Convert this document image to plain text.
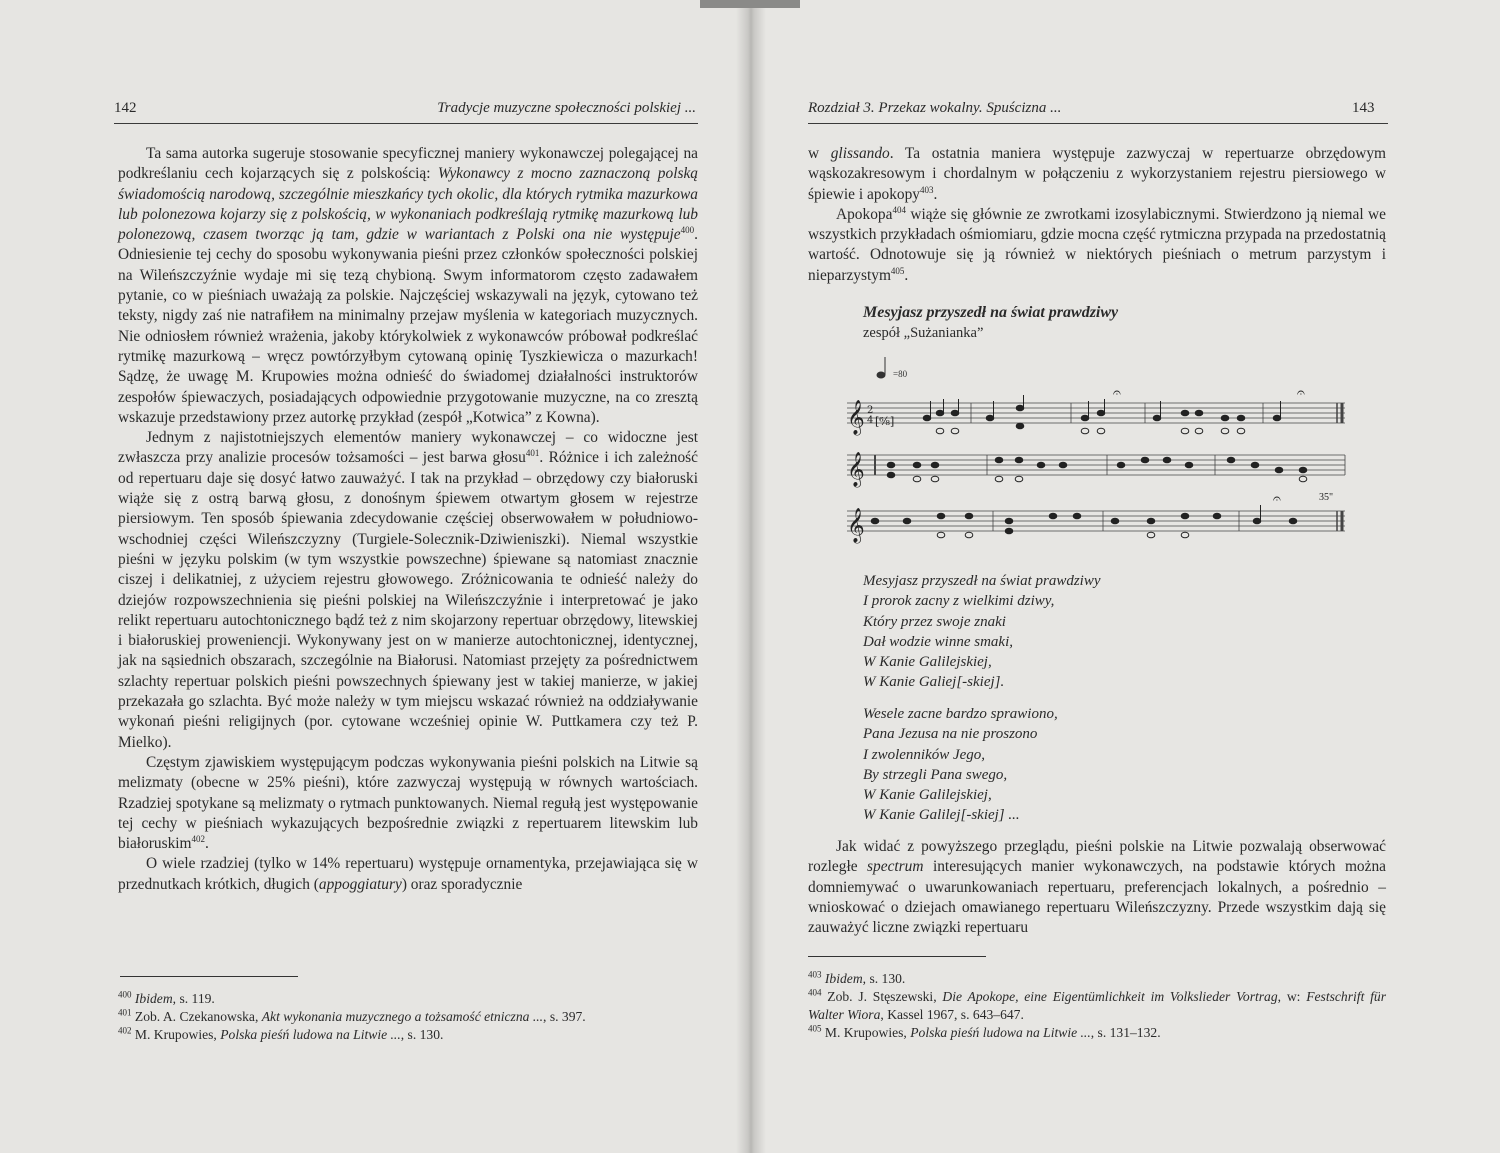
142	Tradycje muzyczne społeczności polskiej ...

Ta sama autorka sugeruje stosowanie specyficznej maniery wykonawczej polegającej na podkreślaniu cech kojarzących się z polskością: Wykonawcy z mocno zaznaczoną polską świadomością narodową, szczególnie mieszkańcy tych okolic, dla których rytmika mazurkowa lub polonezowa kojarzy się z polskością, w wykonaniach podkreślają rytmikę mazurkową lub polonezową, czasem tworząc ją tam, gdzie w wariantach z Polski ona nie występuje$^{400}$. Odniesienie tej cechy do sposobu wykonywania pieśni przez członków społeczności polskiej na Wileńszczyźnie wydaje mi się tezą chybioną. Swym informatorom często zadawałem pytanie, co w pieśniach uważają za polskie. Najczęściej wskazywali na język, cytowano też teksty, nigdy zaś nie natrafiłem na minimalny przejaw myślenia w kategoriach muzycznych. Nie odniosłem również wrażenia, jakoby którykolwiek z wykonawców próbował podkreślać rytmikę mazurkową – wręcz powtórzyłbym cytowaną opinię Tyszkiewicza o mazurkach! Sądzę, że uwagę M. Krupowies można odnieść do świadomej działalności instruktorów zespołów śpiewaczych, posiadających odpowiednie przygotowanie muzyczne, na co zresztą wskazuje przedstawiony przez autorkę przykład (zespół „Kotwica” z Kowna).

Jednym z najistotniejszych elementów maniery wykonawczej – co widoczne jest zwłaszcza przy analizie procesów tożsamości – jest barwa głosu$^{401}$. Różnice i ich zależność od repertuaru daje się dosyć łatwo zauważyć. I tak na przykład – obrzędowy czy białoruski wiąże się z ostrą barwą głosu, z donośnym śpiewem otwartym głosem w rejestrze piersiowym. Ten sposób śpiewania zdecydowanie częściej obserwowałem w południowo-wschodniej części Wileńszczyzny (Turgiele-Solecznik-Dziwieniszki). Niemal wszystkie pieśni w języku polskim (w tym wszystkie powszechne) śpiewane są natomiast znacznie ciszej i delikatniej, z użyciem rejestru głowowego. Zróżnicowania te odnieść należy do dziejów rozpowszechnienia się pieśni polskiej na Wileńszczyźnie i interpretować je jako relikt repertuaru autochtonicznego bądź też z nim skojarzony repertuar obrzędowy, litewskiej i białoruskiej proweniencji. Wykonywany jest on w manierze autochtonicznej, identycznej, jak na sąsiednich obszarach, szczególnie na Białorusi. Natomiast przejęty za pośrednictwem szlachty repertuar polskich pieśni powszechnych śpiewany jest w takiej manierze, w jakiej przekazała go szlachta. Być może należy w tym miejscu wskazać również na oddziaływanie wykonań pieśni religijnych (por. cytowane wcześniej opinie W. Puttkamera czy też P. Mielko).

Częstym zjawiskiem występującym podczas wykonywania pieśni polskich na Litwie są melizmaty (obecne w 25% pieśni), które zazwyczaj występują w równych wartościach. Rzadziej spotykane są melizmaty o rytmach punktowanych. Niemal regułą jest występowanie tej cechy w pieśniach wykazujących bezpośrednie związki z repertuarem litewskim lub białoruskim$^{402}$.

O wiele rzadziej (tylko w 14% repertuaru) występuje ornamentyka, przejawiająca się w przednutkach krótkich, długich (appoggiatury) oraz sporadycznie

$^{400}$ Ibidem, s. 119.
$^{401}$ Zob. A. Czekanowska, Akt wykonania muzycznego a tożsamość etniczna ..., s. 397.
$^{402}$ M. Krupowies, Polska pieśń ludowa na Litwie ..., s. 130.
Rozdział 3. Przekaz wokalny. Spuścizna ...	143

w glissando. Ta ostatnia maniera występuje zazwyczaj w repertuarze obrzędowym wąskozakresowym i chordalnym w połączeniu z wykorzystaniem rejestru piersiowego w śpiewie i apokopy$^{403}$.

Apokopa$^{404}$ wiąże się głównie ze zwrotkami izosylabicznymi. Stwierdzono ją niemal we wszystkich przykładach ośmiomiaru, gdzie mocna część rytmiczna przypada na przedostatnią wartość. Odnotowuje się ją również w niektórych pieśniach o metrum parzystym i nieparzystym$^{405}$.

Mesyjasz przyszedł na świat prawdziwy
zespół „Sużanianka”
=80
𝄞
𝄞
𝄞
2
4 [⁶⁄₈]
𝄐	𝄐
𝄐	35"
Mesyjasz przyszedł na świat prawdziwy
I prorok zacny z wielkimi dziwy,
Który przez swoje znaki
Dał wodzie winne smaki,
W Kanie Galilejskiej,
W Kanie Galiej[-skiej].
Wesele zacne bardzo sprawiono,
Pana Jezusa na nie proszono
I zwolenników Jego,
By strzegli Pana swego,
W Kanie Galilejskiej,
W Kanie Galilej[-skiej] ...

Jak widać z powyższego przeglądu, pieśni polskie na Litwie pozwalają obserwować rozległe spectrum interesujących manier wykonawczych, na podstawie których można domniemywać o uwarunkowaniach repertuaru, preferencjach lokalnych, a pośrednio – wnioskować o dziejach omawianego repertuaru Wileńszczyzny. Przede wszystkim dają się zauważyć liczne związki repertuaru

$^{403}$ Ibidem, s. 130.
$^{404}$ Zob. J. Stęszewski, Die Apokope, eine Eigentümlichkeit im Volkslieder Vortrag, w: Festschrift für Walter Wiora, Kassel 1967, s. 643–647.
$^{405}$ M. Krupowies, Polska pieśń ludowa na Litwie ..., s. 131–132.
